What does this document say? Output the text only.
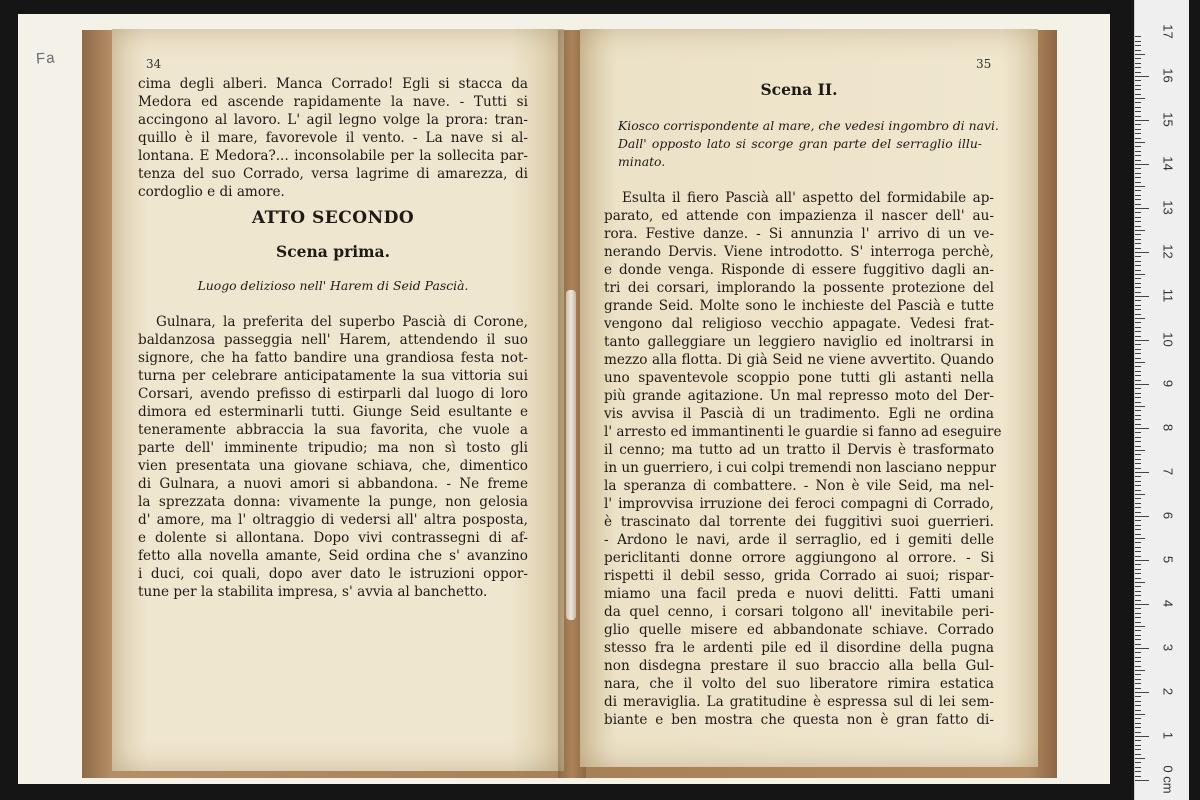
Fa	34
cima degli alberi. Manca Corrado! Egli si stacca da
Medora ed ascende rapidamente la nave. - Tutti si
accingono al lavoro. L' agil legno volge la prora: tran-
quillo è il mare, favorevole il vento. - La nave si al-
lontana. E Medora?... inconsolabile per la sollecita par-
tenza del suo Corrado, versa lagrime di amarezza, di
cordoglio e di amore.
ATTO SECONDO
Scena prima.
Luogo delizioso nell' Harem di Seid Pascià.
Gulnara, la preferita del superbo Pascià di Corone,
baldanzosa passeggia nell' Harem, attendendo il suo
signore, che ha fatto bandire una grandiosa festa not-
turna per celebrare anticipatamente la sua vittoria sui
Corsari, avendo prefisso di estirparli dal luogo di loro
dimora ed esterminarli tutti. Giunge Seid esultante e
teneramente abbraccia la sua favorita, che vuole a
parte dell' imminente tripudio; ma non sì tosto gli
vien presentata una giovane schiava, che, dimentico
di Gulnara, a nuovi amori si abbandona. - Ne freme
la sprezzata donna: vivamente la punge, non gelosia
d' amore, ma l' oltraggio di vedersi all' altra posposta,
e dolente si allontana. Dopo vivi contrassegni di af-
fetto alla novella amante, Seid ordina che s' avanzino
i duci, coi quali, dopo aver dato le istruzioni oppor-
tune per la stabilita impresa, s' avvia al banchetto.
35
Scena II.
Kiosco corrispondente al mare, che vedesi ingombro di navi.
Dall' opposto lato si scorge gran parte del serraglio illu-
minato.
Esulta il fiero Pascià all' aspetto del formidabile ap-
parato, ed attende con impazienza il nascer dell' au-
rora. Festive danze. - Si annunzia l' arrivo di un ve-
nerando Dervis. Viene introdotto. S' interroga perchè,
e donde venga. Risponde di essere fuggitivo dagli an-
tri dei corsari, implorando la possente protezione del
grande Seid. Molte sono le inchieste del Pascià e tutte
vengono dal religioso vecchio appagate. Vedesi frat-
tanto galleggiare un leggiero naviglio ed inoltrarsi in
mezzo alla flotta. Di già Seid ne viene avvertito. Quando
uno spaventevole scoppio pone tutti gli astanti nella
più grande agitazione. Un mal represso moto del Der-
vis avvisa il Pascià di un tradimento. Egli ne ordina
l' arresto ed immantinenti le guardie si fanno ad eseguire
il cenno; ma tutto ad un tratto il Dervis è trasformato
in un guerriero, i cui colpi tremendi non lasciano neppur
la speranza di combattere. - Non è vile Seid, ma nel-
l' improvvisa irruzione dei feroci compagni di Corrado,
è trascinato dal torrente dei fuggitivi suoi guerrieri.
- Ardono le navi, arde il serraglio, ed i gemiti delle
periclitanti donne orrore aggiungono al orrore. - Si
rispetti il debil sesso, grida Corrado ai suoi; rispar-
miamo una facil preda e nuovi delitti. Fatti umani
da quel cenno, i corsari tolgono all' inevitabile peri-
glio quelle misere ed abbandonate schiave. Corrado
stesso fra le ardenti pile ed il disordine della pugna
non disdegna prestare il suo braccio alla bella Gul-
nara, che il volto del suo liberatore rimira estatica
di meraviglia. La gratitudine è espressa sul di lei sem-
biante e ben mostra che questa non è gran fatto di-
0 cm
1
2
3
4
5
6
7
8
9
10
11
12
13
14
15
16
17
